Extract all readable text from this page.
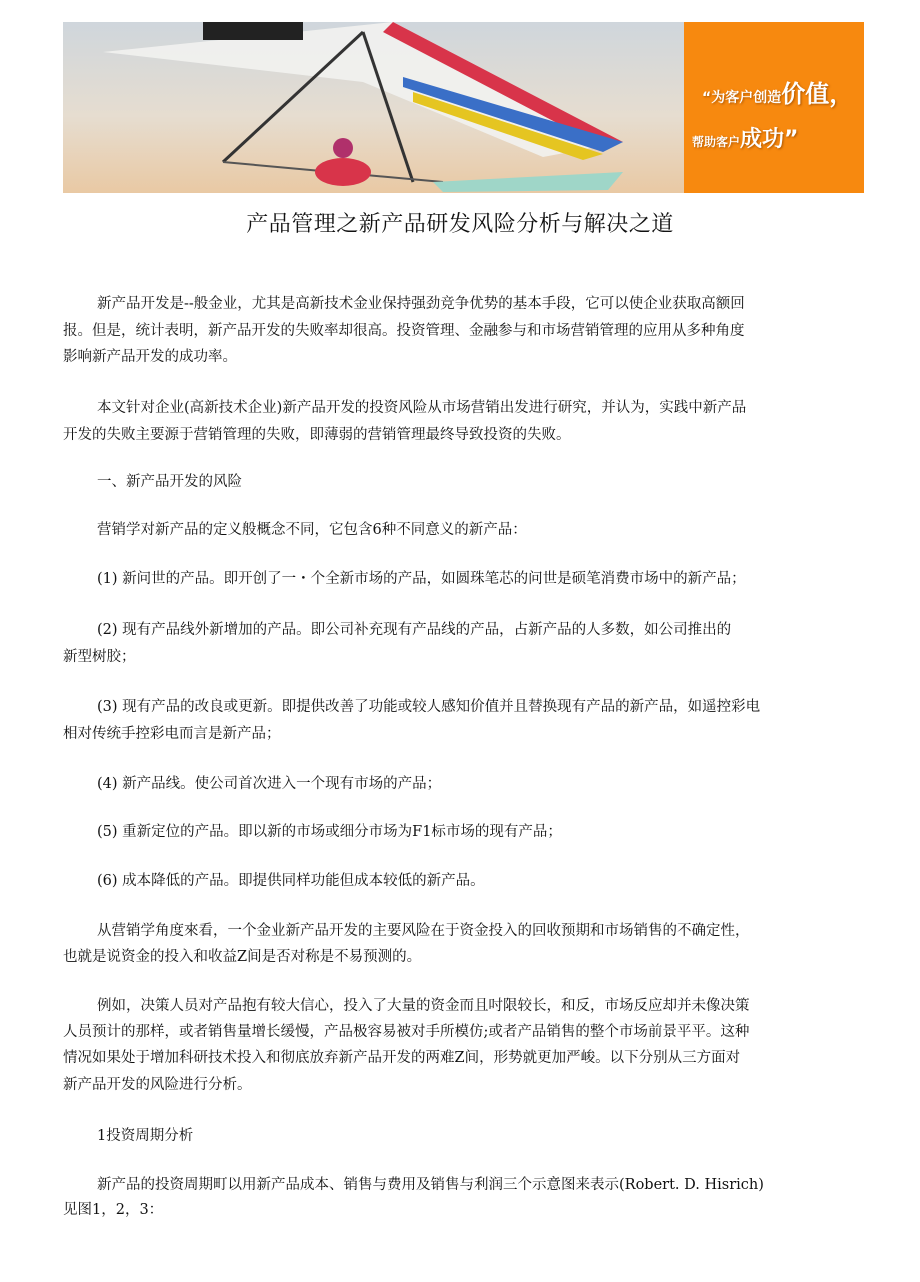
“为客户创造价值，
帮助客户成功”
产品管理之新产品研发风险分析与解决之道
新产品开发是--般金业，尤其是高新技术金业保持强劲竞争优势的基本手段，它可以使企业获取高额回
报。但是，统计表明，新产品开发的失败率却很高。投资管理、金融参与和市场营销管理的应用从多种角度
影响新产品开发的成功率。
本文针对企业(高新技术企业)新产品开发的投资风险从市场营销出发进行研究，并认为，实践中新产品
开发的失败主要源于营销管理的失败，即薄弱的营销管理最终导致投资的失败。
一、新产品开发的风险
营销学对新产品的定义般概念不同，它包含6种不同意义的新产品：
(1) 新问世的产品。即开创了一・个全新市场的产品，如圆珠笔芯的问世是硕笔消费市场中的新产品；
(2) 现有产品线外新增加的产品。即公司补充现有产品线的产品，占新产品的人多数，如公司推出的
新型树胶；
(3) 现有产品的改良或更新。即提供改善了功能或较人感知价值并且替换现有产品的新产品，如遥控彩电
相对传统手控彩电而言是新产品；
(4) 新产品线。使公司首次进入一个现有市场的产品；
(5) 重新定位的产品。即以新的市场或细分市场为F1标市场的现有产品；
(6) 成本降低的产品。即提供同样功能但成本较低的新产品。
从营销学角度來看，一个金业新产品开发的主要风险在于资金投入的回收预期和市场销售的不确定性，
也就是说资金的投入和收益Z间是否对称是不易预测的。
例如，决策人员对产品抱有较大信心，投入了大量的资金而且吋限较长，和反，市场反应却并未像决策
人员预计的那样，或者销售量增长缓慢，产品极容易被对手所模仿;或者产品销售的整个市场前景平平。这种
情况如果处于增加科研技术投入和彻底放弃新产品开发的两难Z间，形势就更加严峻。以下分别从三方面对
新产品开发的风险进行分析。
1投资周期分析
新产品的投资周期町以用新产品成本、销售与费用及销售与利润三个示意图来表示(Robert. D. Hisrich)
见图1，2，3：
